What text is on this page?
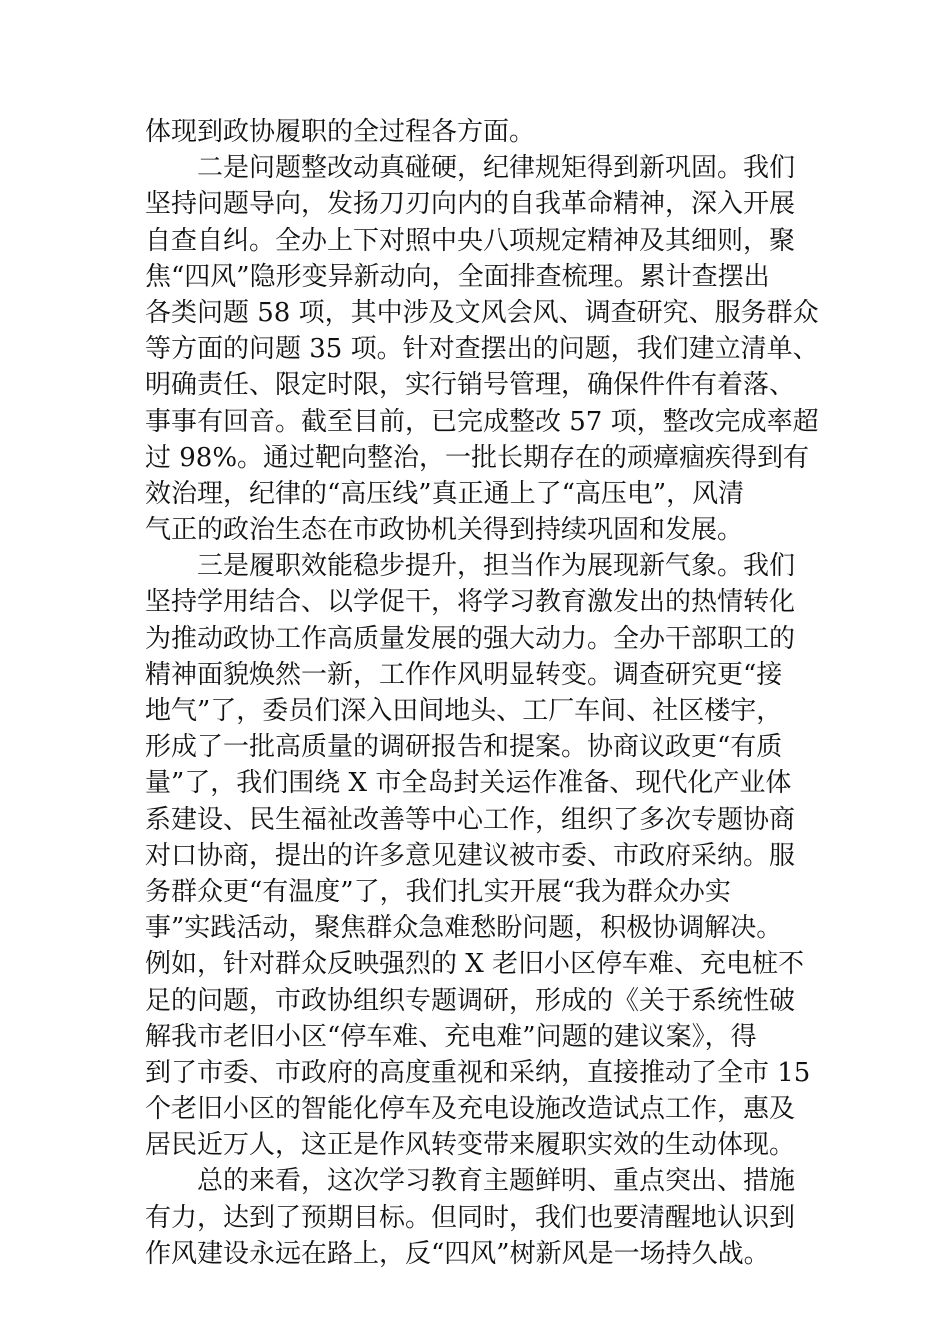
体现到政协履职的全过程各方面。
二是问题整改动真碰硬，纪律规矩得到新巩固。我们
坚持问题导向，发扬刀刃向内的自我革命精神，深入开展
自查自纠。全办上下对照中央八项规定精神及其细则，聚
焦“四风”隐形变异新动向，全面排查梳理。累计查摆出
各类问题 58 项，其中涉及文风会风、调查研究、服务群众
等方面的问题 35 项。针对查摆出的问题，我们建立清单、
明确责任、限定时限，实行销号管理，确保件件有着落、
事事有回音。截至目前，已完成整改 57 项，整改完成率超
过 98%。通过靶向整治，一批长期存在的顽瘴痼疾得到有
效治理，纪律的“高压线”真正通上了“高压电”，风清
气正的政治生态在市政协机关得到持续巩固和发展。
三是履职效能稳步提升，担当作为展现新气象。我们
坚持学用结合、以学促干，将学习教育激发出的热情转化
为推动政协工作高质量发展的强大动力。全办干部职工的
精神面貌焕然一新，工作作风明显转变。调查研究更“接
地气”了，委员们深入田间地头、工厂车间、社区楼宇，
形成了一批高质量的调研报告和提案。协商议政更“有质
量”了，我们围绕 X 市全岛封关运作准备、现代化产业体
系建设、民生福祉改善等中心工作，组织了多次专题协商
对口协商，提出的许多意见建议被市委、市政府采纳。服
务群众更“有温度”了，我们扎实开展“我为群众办实
事”实践活动，聚焦群众急难愁盼问题，积极协调解决。
例如，针对群众反映强烈的 X 老旧小区停车难、充电桩不
足的问题，市政协组织专题调研，形成的《关于系统性破
解我市老旧小区“停车难、充电难”问题的建议案》，得
到了市委、市政府的高度重视和采纳，直接推动了全市 15
个老旧小区的智能化停车及充电设施改造试点工作，惠及
居民近万人，这正是作风转变带来履职实效的生动体现。
总的来看，这次学习教育主题鲜明、重点突出、措施
有力，达到了预期目标。但同时，我们也要清醒地认识到
作风建设永远在路上，反“四风”树新风是一场持久战。
